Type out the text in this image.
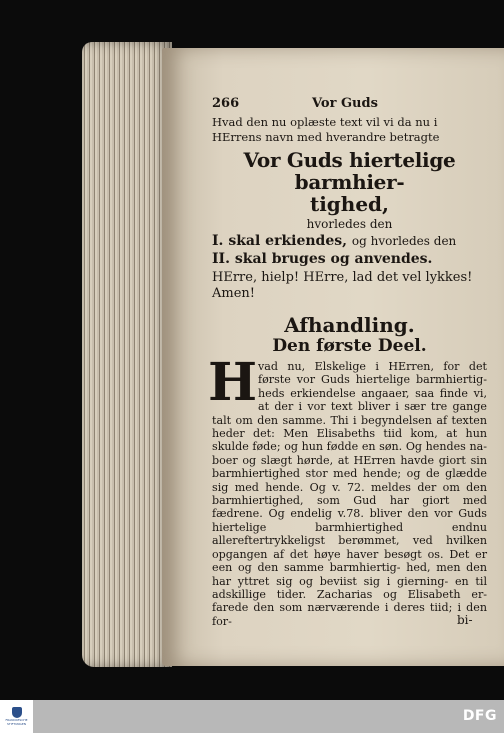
266	Vor Guds
Hvad den nu oplæste text vil vi da nu i HErrens navn med hverandre betragte
Vor Guds hiertelige barmhier-
tighed,
hvorledes den
I. skal erkiendes, og hvorledes den
II. skal bruges og anvendes.
HErre, hielp! HErre, lad det vel lykkes! Amen!
Afhandling.
Den første Deel.
H vad nu, Elskelige i HErren, for det første vor Guds hiertelige barmhiertig- heds erkiendelse angaaer, saa finde vi, at der i vor text bliver i sær tre gange talt om den samme. Thi i begyndelsen af texten heder det: Men Elisabeths tiid kom, at hun skulde føde; og hun fødde en søn. Og hendes na- boer og slægt hørde, at HErren havde giort sin barmhiertighed stor med hende; og de glædde sig med hende. Og v. 72. meldes der om den barmhiertighed, som Gud har giort med fædrene. Og endelig v.78. bliver den vor Guds hiertelige barmhiertighed endnu allereftertrykkeligst berømmet, ved hvilken opgangen af det høye haver besøgt os. Det er een og den samme barmhiertig- hed, men den har yttret sig og beviist sig i gierning- en til adskillige tider. Zacharias og Elisabeth er- farede den som nærværende i deres tiid; i den for-	bi-
FRANCKESCHE STIFTUNGEN	DFG
